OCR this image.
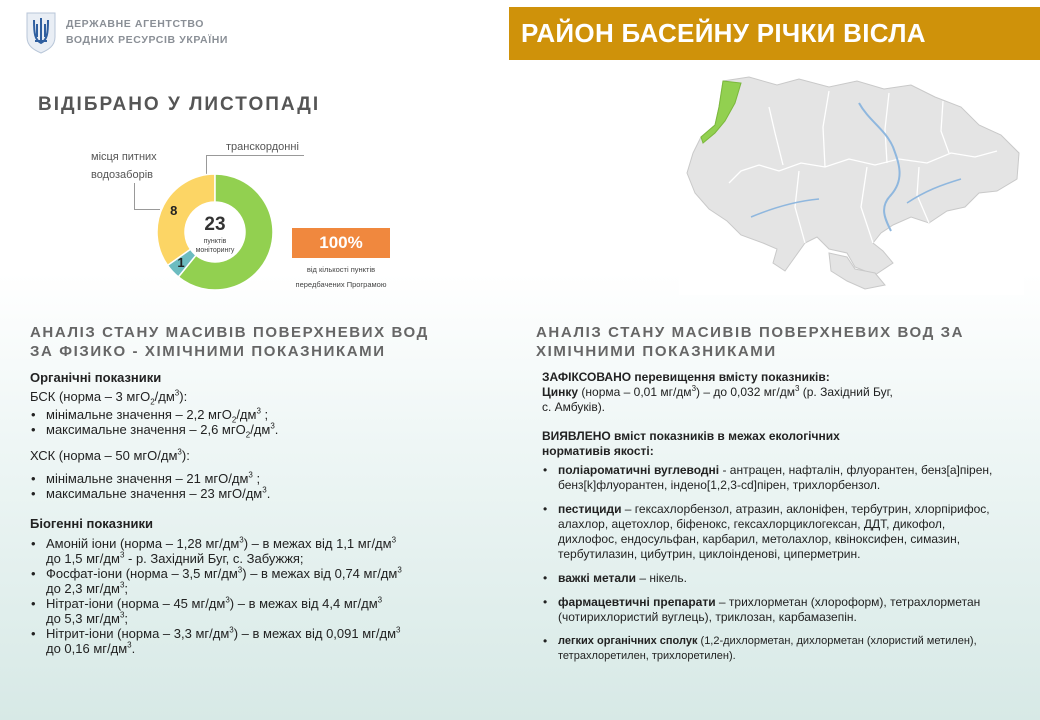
ДЕРЖАВНЕ АГЕНТСТВО
ВОДНИХ РЕСУРСІВ УКРАЇНИ	РАЙОН БАСЕЙНУ РІЧКИ ВІСЛА
ВІДІБРАНО У ЛИСТОПАДІ
місця питних
водозаборів
транскордонні
23
пунктів
моніторингу
8
1
100%
від кількості пунктів
передбачених Програмою
АНАЛІЗ СТАНУ МАСИВІВ ПОВЕРХНЕВИХ ВОД
ЗА ФІЗИКО - ХІМІЧНИМИ ПОКАЗНИКАМИ
Органічні показники
БСК (норма – 3 $мгО_2/дм^3$):
• мінімальне значення – 2,2 $мгО_2/дм^3$ ;
• максимальне значення – 2,6 $мгО_2/дм^3$.
ХСК (норма – 50 мгО/$дм^3$):
• мінімальне значення – 21 мгО/$дм^3$ ;
• максимальне значення – 23 мгО/$дм^3$.
Біогенні показники
• Амоній іони (норма – 1,28 $мг/дм^3$) – в межах від 1,1 $мг/дм^3$
до 1,5 $мг/дм^3$ - р. Західний Буг, с. Забужжя;
• Фосфат-іони (норма – 3,5 $мг/дм^3$) – в межах від 0,74 $мг/дм^3$
до 2,3 $мг/дм^3$;
• Нітрат-іони (норма – 45 $мг/дм^3$) – в межах від 4,4 $мг/дм^3$
до 5,3 $мг/дм^3$;
• Нітрит-іони (норма – 3,3 $мг/дм^3$) – в межах від 0,091 $мг/дм^3$
до 0,16 $мг/дм^3$.
АНАЛІЗ СТАНУ МАСИВІВ ПОВЕРХНЕВИХ ВОД ЗА
ХІМІЧНИМИ ПОКАЗНИКАМИ
ЗАФІКСОВАНО перевищення вмісту показників:
Цинку (норма – 0,01 $мг/дм^3$) – до 0,032 $мг/дм^3$ (р. Західний Буг,
с. Амбуків).
ВИЯВЛЕНО вміст показників в межах екологічних
нормативів якості:
• поліароматичні вуглеводні - антрацен, нафталін, флуорантен, бенз[а]пірен, бенз[k]флуорантен, індено[1,2,3-cd]пірен, трихлорбензол.
• пестициди – гексахлорбензол, атразин, аклоніфен, тербутрин, хлорпірифос, алахлор, ацетохлор, біфенокс, гексахлорциклогексан, ДДТ, дикофол, дихлофос, ендосульфан, карбарил, метолахлор, квіноксифен, симазин, тербутилазин, цибутрин, циклоінденові, циперметрин.
• важкі метали – нікель.
• фармацевтичні препарати – трихлорметан (хлороформ), тетрахлорметан (чотирихлористий вуглець), триклозан, карбамазепін.
• легких органічних сполук (1,2-дихлорметан, дихлорметан (хлористий метилен), тетрахлоретилен, трихлоретилен).
